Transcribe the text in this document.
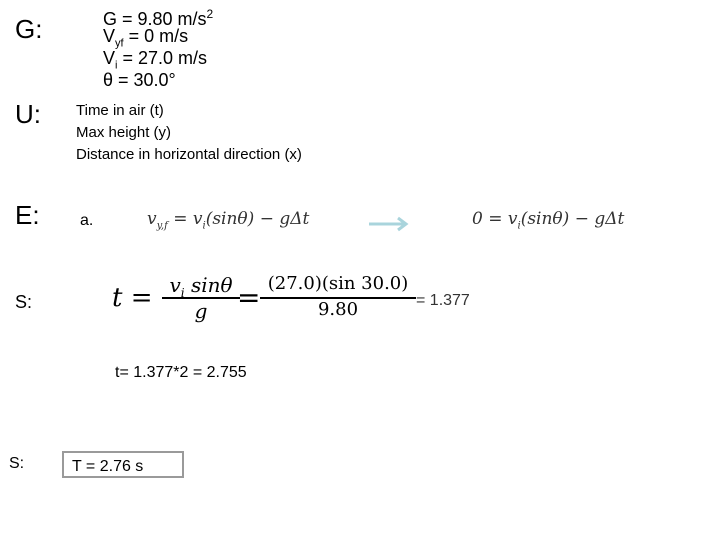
G:
U:
E:
S:
S:
G = 9.80 $m/s^2$
$V_{yf} = 0$ m/s
$V_i = 27.0$ m/s
θ = 30.0°
Time in air (t)
Max height (y)
Distance in horizontal direction (x)
a.	$v_{y,f} = v_i(\sin\theta) - g\Delta t$	$0 = v_i(\sin\theta) - g\Delta t$
$t = v_i$ sinθ
g	= (27.0)(sin 30.0)
9.80	= 1.377
t= 1.377*2 = 2.755
T = 2.76 s
